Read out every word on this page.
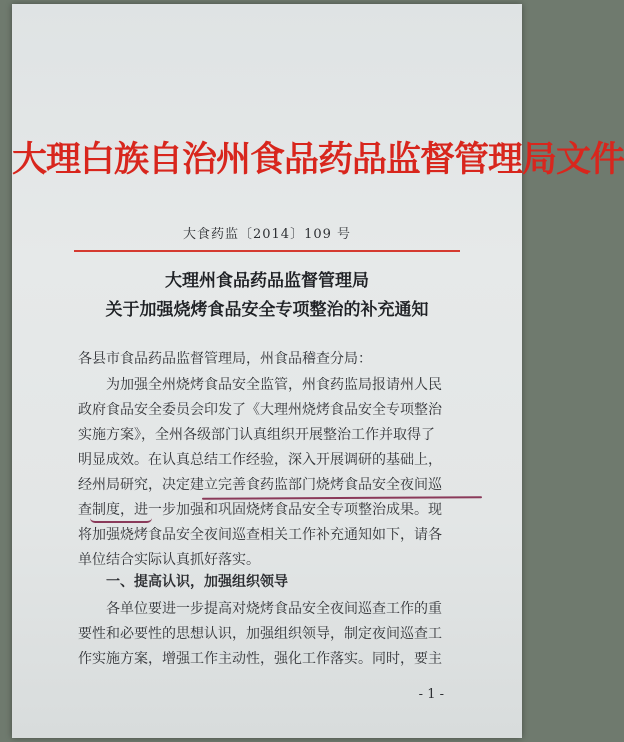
大理白族自治州食品药品监督管理局文件
大食药监〔2014〕109 号
大理州食品药品监督管理局
关于加强烧烤食品安全专项整治的补充通知
各县市食品药品监督管理局，州食品稽查分局：
为加强全州烧烤食品安全监管，州食药监局报请州人民
政府食品安全委员会印发了《大理州烧烤食品安全专项整治
实施方案》，全州各级部门认真组织开展整治工作并取得了
明显成效。在认真总结工作经验，深入开展调研的基础上，
经州局研究，决定建立完善食药监部门烧烤食品安全夜间巡
查制度，进一步加强和巩固烧烤食品安全专项整治成果。现
将加强烧烤食品安全夜间巡查相关工作补充通知如下，请各
单位结合实际认真抓好落实。
一、提高认识，加强组织领导
各单位要进一步提高对烧烤食品安全夜间巡查工作的重
要性和必要性的思想认识，加强组织领导，制定夜间巡查工
作实施方案，增强工作主动性，强化工作落实。同时，要主
- 1 -
